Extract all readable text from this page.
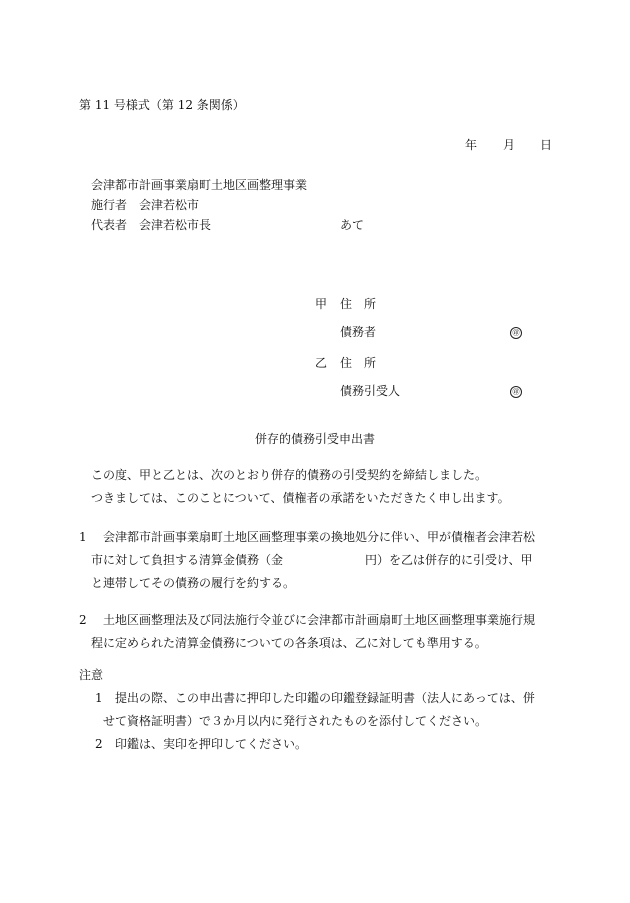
第 11 号様式（第 12 条関係）
年 月 日
会津都市計画事業扇町土地区画整理事業
施行者　 会津若松市
代表者　 会津若松市長	あて
甲 住　所
債務者	㊞
乙 住　所
債務引受人	㊞
併存的債務引受申出書
この度、甲と乙とは、次のとおり併存的債務の引受契約を締結しました。
つきましては、このことについて、債権者の承諾をいただきたく申し出ます。
1	会津都市計画事業扇町土地区画整理事業の換地処分に伴い、甲が債権者会津若松
市に対して負担する清算金債務（金	円）を乙は併存的に引受け、甲
と連帯してその債務の履行を約する。
2	土地区画整理法及び同法施行令並びに会津都市計画扇町土地区画整理事業施行規
程に定められた清算金債務についての各条項は、乙に対しても準用する。
注意
1	提出の際、この申出書に押印した印鑑の印鑑登録証明書（法人にあっては、併
せて資格証明書）で３か月以内に発行されたものを添付してください。
2 印鑑は、実印を押印してください。
